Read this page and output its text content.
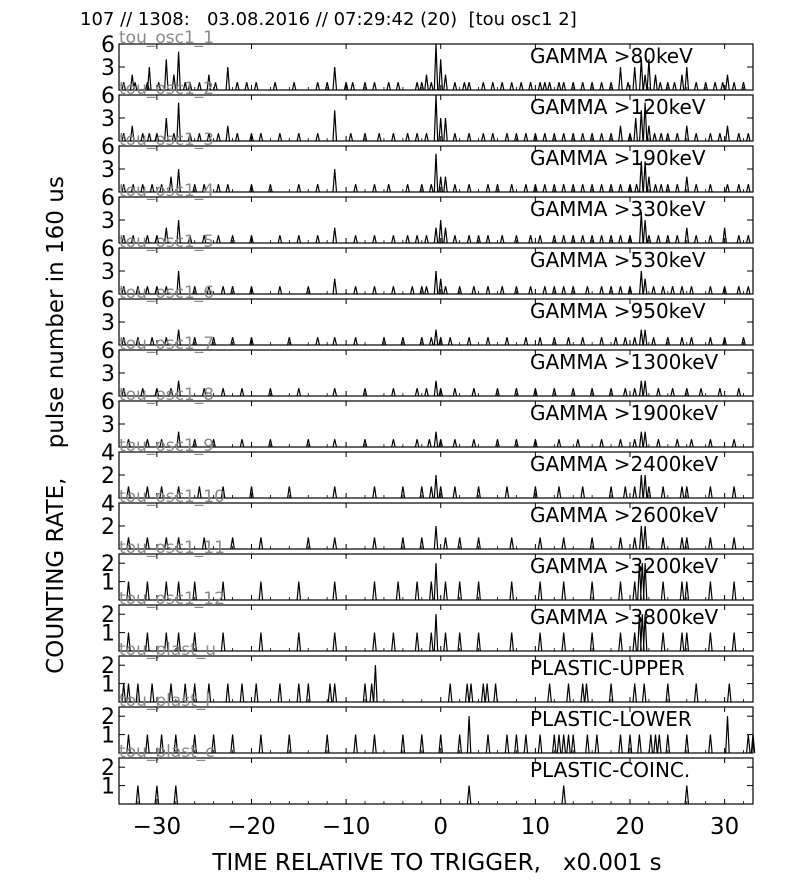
107 // 1308:   03.08.2016 // 07:29:42 (20)  [tou osc1 2]
COUNTING RATE,    pulse number in 160 us
TIME RELATIVE TO TRIGGER,   x0.001 s
tou_osc1_1
GAMMA >80keV
3
6
tou_osc1_2
GAMMA >120keV
3
6
tou_osc1_3
GAMMA >190keV
3
6
tou_osc1_4
GAMMA >330keV
3
6
tou_osc1_5
GAMMA >530keV
3
6
tou_osc1_6
GAMMA >950keV
3
6
tou_osc1_7
GAMMA >1300keV
3
6
tou_osc1_8
GAMMA >1900keV
3
6
tou_osc1_9
GAMMA >2400keV
2
4
tou_osc1_10
GAMMA >2600keV
2
4
tou_osc1_11
GAMMA >3200keV
1
2
tou_osc1_12
GAMMA >3800keV
1
2
tou_plast_u
PLASTIC-UPPER
1
2
tou_plast_l
PLASTIC-LOWER
1
2
tou_plast_c
PLASTIC-COINC.
1
2
−30 −20 −10	0	10	20	30
